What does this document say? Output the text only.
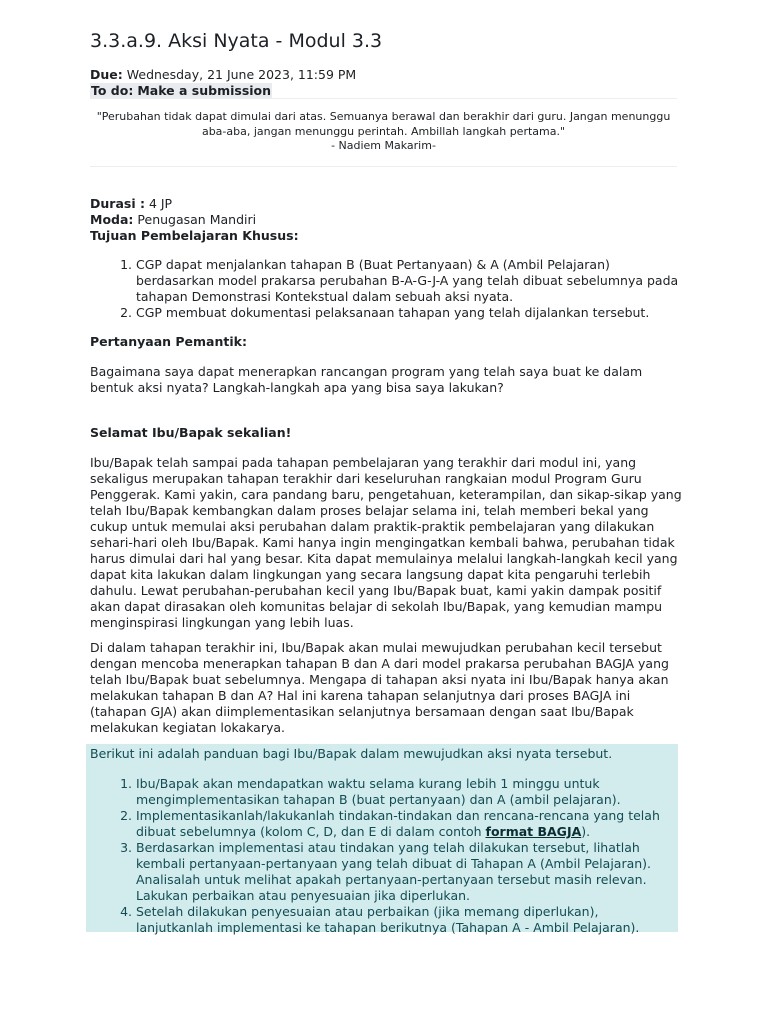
3.3.a.9. Aksi Nyata - Modul 3.3
Due: Wednesday, 21 June 2023, 11:59 PM
To do: Make a submission
"Perubahan tidak dapat dimulai dari atas. Semuanya berawal dan berakhir dari guru. Jangan menunggu
aba-aba, jangan menunggu perintah. Ambillah langkah pertama."
- Nadiem Makarim-
Durasi : 4 JP
Moda: Penugasan Mandiri
Tujuan Pembelajaran Khusus:
1. CGP dapat menjalankan tahapan B (Buat Pertanyaan) & A (Ambil Pelajaran) berdasarkan model prakarsa perubahan B-A-G-J-A yang telah dibuat sebelumnya pada tahapan Demonstrasi Kontekstual dalam sebuah aksi nyata.
2. CGP membuat dokumentasi pelaksanaan tahapan yang telah dijalankan tersebut.
Pertanyaan Pemantik:

Bagaimana saya dapat menerapkan rancangan program yang telah saya buat ke dalam bentuk aksi nyata? Langkah-langkah apa yang bisa saya lakukan?

Selamat Ibu/Bapak sekalian!

Ibu/Bapak telah sampai pada tahapan pembelajaran yang terakhir dari modul ini, yang sekaligus merupakan tahapan terakhir dari keseluruhan rangkaian modul Program Guru Penggerak. Kami yakin, cara pandang baru, pengetahuan, keterampilan, dan sikap-sikap yang telah Ibu/Bapak kembangkan dalam proses belajar selama ini, telah memberi bekal yang cukup untuk memulai aksi perubahan dalam praktik-praktik pembelajaran yang dilakukan sehari-hari oleh Ibu/Bapak. Kami hanya ingin mengingatkan kembali bahwa, perubahan tidak harus dimulai dari hal yang besar. Kita dapat memulainya melalui langkah-langkah kecil yang dapat kita lakukan dalam lingkungan yang secara langsung dapat kita pengaruhi terlebih dahulu. Lewat perubahan-perubahan kecil yang Ibu/Bapak buat, kami yakin dampak positif akan dapat dirasakan oleh komunitas belajar di sekolah Ibu/Bapak, yang kemudian mampu menginspirasi lingkungan yang lebih luas.

Di dalam tahapan terakhir ini, Ibu/Bapak akan mulai mewujudkan perubahan kecil tersebut dengan mencoba menerapkan tahapan B dan A dari model prakarsa perubahan BAGJA yang telah Ibu/Bapak buat sebelumnya. Mengapa di tahapan aksi nyata ini Ibu/Bapak hanya akan melakukan tahapan B dan A? Hal ini karena tahapan selanjutnya dari proses BAGJA ini (tahapan GJA) akan diimplementasikan selanjutnya bersamaan dengan saat Ibu/Bapak melakukan kegiatan lokakarya.

Berikut ini adalah panduan bagi Ibu/Bapak dalam mewujudkan aksi nyata tersebut.
1. Ibu/Bapak akan mendapatkan waktu selama kurang lebih 1 minggu untuk mengimplementasikan tahapan B (buat pertanyaan) dan A (ambil pelajaran).
2. Implementasikanlah/lakukanlah tindakan-tindakan dan rencana-rencana yang telah dibuat sebelumnya (kolom C, D, dan E di dalam contoh format BAGJA).
3. Berdasarkan implementasi atau tindakan yang telah dilakukan tersebut, lihatlah kembali pertanyaan-pertanyaan yang telah dibuat di Tahapan A (Ambil Pelajaran). Analisalah untuk melihat apakah pertanyaan-pertanyaan tersebut masih relevan. Lakukan perbaikan atau penyesuaian jika diperlukan.
4. Setelah dilakukan penyesuaian atau perbaikan (jika memang diperlukan), lanjutkanlah implementasi ke tahapan berikutnya (Tahapan A - Ambil Pelajaran).
